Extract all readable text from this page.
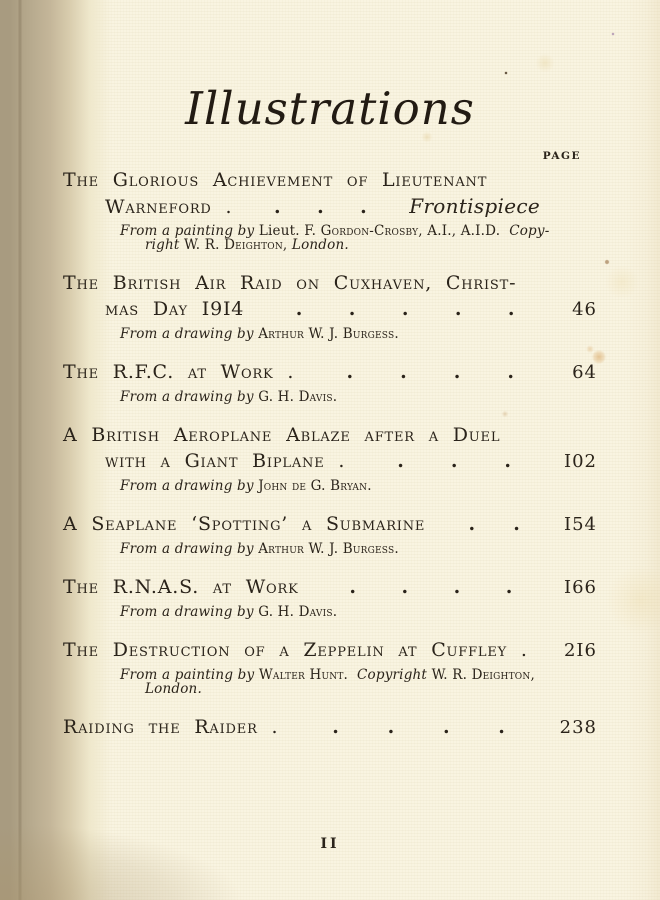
Illustrations
PAGE
The Glorious Achievement of Lieutenant
Warneford . . . . Frontispiece
From a painting by Lieut. F. Gordon-Crosby, A.I., A.I.D.  Copy-
right W. R. Deighton, London.
The British Air Raid on Cuxhaven, Christ-
mas Day I9I4	. . . . .	46
From a drawing by Arthur W. J. Burgess.
The R.F.C. at Work .	. . . .	64
From a drawing by G. H. Davis.
A British Aeroplane Ablaze after a Duel
with a Giant Biplane .	. . .	I02
From a drawing by John de G. Bryan.
A Seaplane ‘Spotting’ a Submarine . . I54
From a drawing by Arthur W. J. Burgess.
The R.N.A.S. at Work	. . . .	I66
From a drawing by G. H. Davis.
The Destruction of a Zeppelin at Cuffley . 2I6
From a painting by Walter Hunt.  Copyright W. R. Deighton,
London.
Raiding the Raider .	.	.	.	.	238
II
